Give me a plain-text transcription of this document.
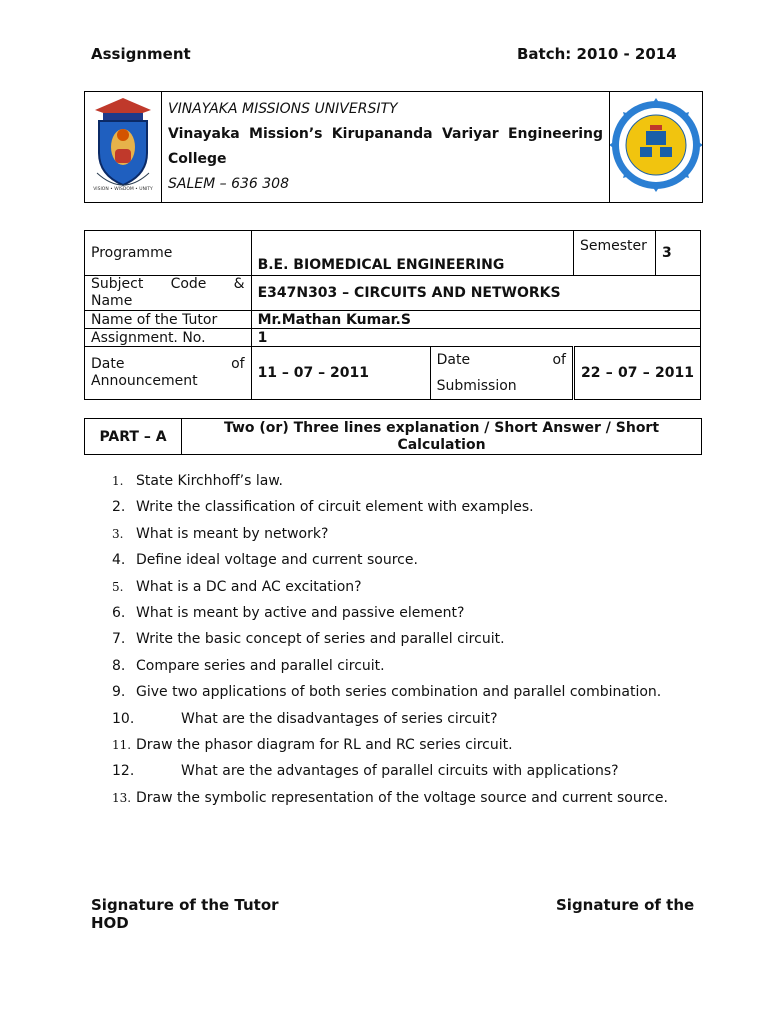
Assignment	Batch: 2010 - 2014
VISION • WISDOM • UNITY

VINAYAKA MISSIONS UNIVERSITY
Vinayaka Mission’s Kirupananda Variyar Engineering College
SALEM – 636 308

Programme	B.E. BIOMEDICAL ENGINEERING		Semester	3
Subject Code & Name	E347N303 – CIRCUITS AND NETWORKS			
Name of the Tutor	Mr.Mathan Kumar.S			
Assignment. No.	1			
Date of Announcement	11 – 07 – 2011	Date of Submission	22 – 07 – 2011	
PART – A	Two (or) Three lines explanation / Short Answer / Short Calculation
1. State Kirchhoff’s law.
2. Write the classification of circuit element with examples.
3. What is meant by network?
4. Define ideal voltage and current source.
5. What is a DC and AC excitation?
6. What is meant by active and passive element?
7. Write the basic concept of series and parallel circuit.
8. Compare series and parallel circuit.
9. Give two applications of both series combination and parallel combination.
10.	What are the disadvantages of series circuit?
11. Draw the phasor diagram for RL and RC series circuit.
12.	What are the advantages of parallel circuits with applications?
13. Draw the symbolic representation of the voltage source and current source.
Signature of the Tutor	Signature of the
HOD
